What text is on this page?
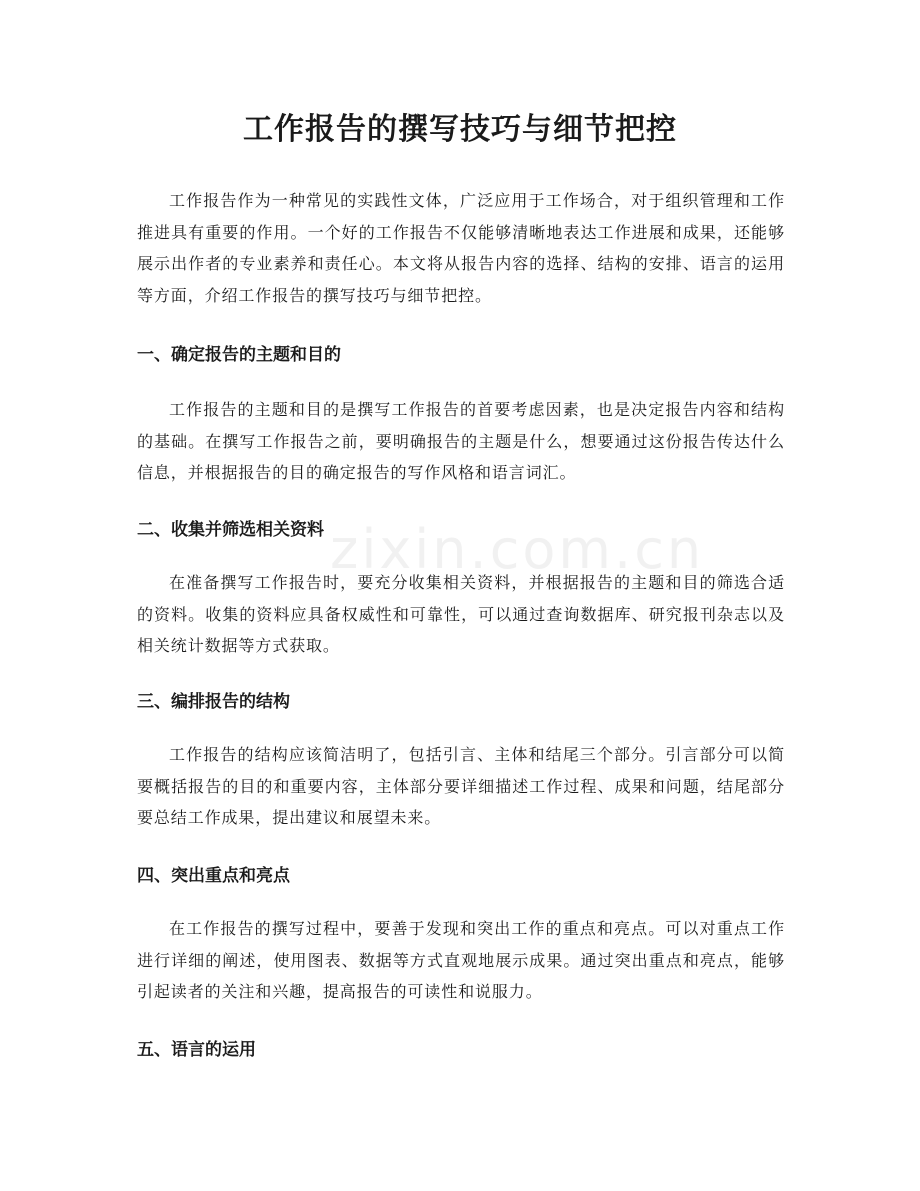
zixin.com.cn
工作报告的撰写技巧与细节把控

工作报告作为一种常见的实践性文体，广泛应用于工作场合，对于组织管理和工作推进具有重要的作用。一个好的工作报告不仅能够清晰地表达工作进展和成果，还能够展示出作者的专业素养和责任心。本文将从报告内容的选择、结构的安排、语言的运用等方面，介绍工作报告的撰写技巧与细节把控。

一、确定报告的主题和目的

工作报告的主题和目的是撰写工作报告的首要考虑因素，也是决定报告内容和结构的基础。在撰写工作报告之前，要明确报告的主题是什么，想要通过这份报告传达什么信息，并根据报告的目的确定报告的写作风格和语言词汇。

二、收集并筛选相关资料

在准备撰写工作报告时，要充分收集相关资料，并根据报告的主题和目的筛选合适的资料。收集的资料应具备权威性和可靠性，可以通过查询数据库、研究报刊杂志以及相关统计数据等方式获取。

三、编排报告的结构

工作报告的结构应该简洁明了，包括引言、主体和结尾三个部分。引言部分可以简要概括报告的目的和重要内容，主体部分要详细描述工作过程、成果和问题，结尾部分要总结工作成果，提出建议和展望未来。

四、突出重点和亮点

在工作报告的撰写过程中，要善于发现和突出工作的重点和亮点。可以对重点工作进行详细的阐述，使用图表、数据等方式直观地展示成果。通过突出重点和亮点，能够引起读者的关注和兴趣，提高报告的可读性和说服力。

五、语言的运用
